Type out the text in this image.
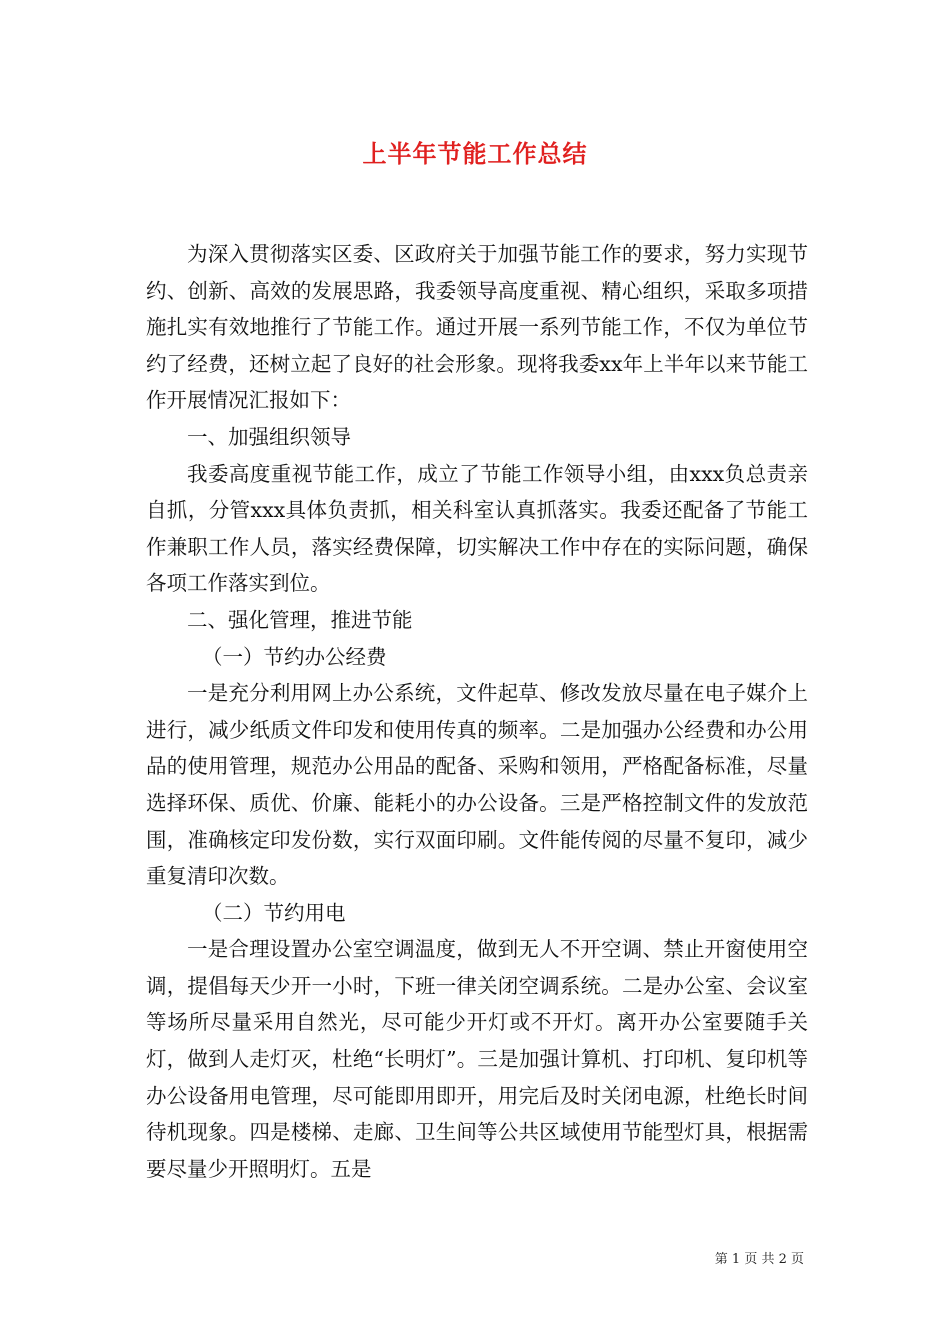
上半年节能工作总结

为深入贯彻落实区委、区政府关于加强节能工作的要求，努力实现节约、创新、高效的发展思路，我委领导高度重视、精心组织，采取多项措施扎实有效地推行了节能工作。通过开展一系列节能工作，不仅为单位节约了经费，还树立起了良好的社会形象。现将我委xx年上半年以来节能工作开展情况汇报如下：

一、加强组织领导

我委高度重视节能工作，成立了节能工作领导小组，由xxx负总责亲自抓，分管xxx具体负责抓，相关科室认真抓落实。我委还配备了节能工作兼职工作人员，落实经费保障，切实解决工作中存在的实际问题，确保各项工作落实到位。

二、强化管理，推进节能

（一）节约办公经费

一是充分利用网上办公系统，文件起草、修改发放尽量在电子媒介上进行，减少纸质文件印发和使用传真的频率。二是加强办公经费和办公用品的使用管理，规范办公用品的配备、采购和领用，严格配备标准，尽量选择环保、质优、价廉、能耗小的办公设备。三是严格控制文件的发放范围，准确核定印发份数，实行双面印刷。文件能传阅的尽量不复印，减少重复清印次数。

（二）节约用电

一是合理设置办公室空调温度，做到无人不开空调、禁止开窗使用空调，提倡每天少开一小时，下班一律关闭空调系统。二是办公室、会议室等场所尽量采用自然光，尽可能少开灯或不开灯。离开办公室要随手关灯，做到人走灯灭，杜绝“长明灯”。三是加强计算机、打印机、复印机等办公设备用电管理，尽可能即用即开，用完后及时关闭电源，杜绝长时间待机现象。四是楼梯、走廊、卫生间等公共区域使用节能型灯具，根据需要尽量少开照明灯。五是

第 1 页 共 2 页
